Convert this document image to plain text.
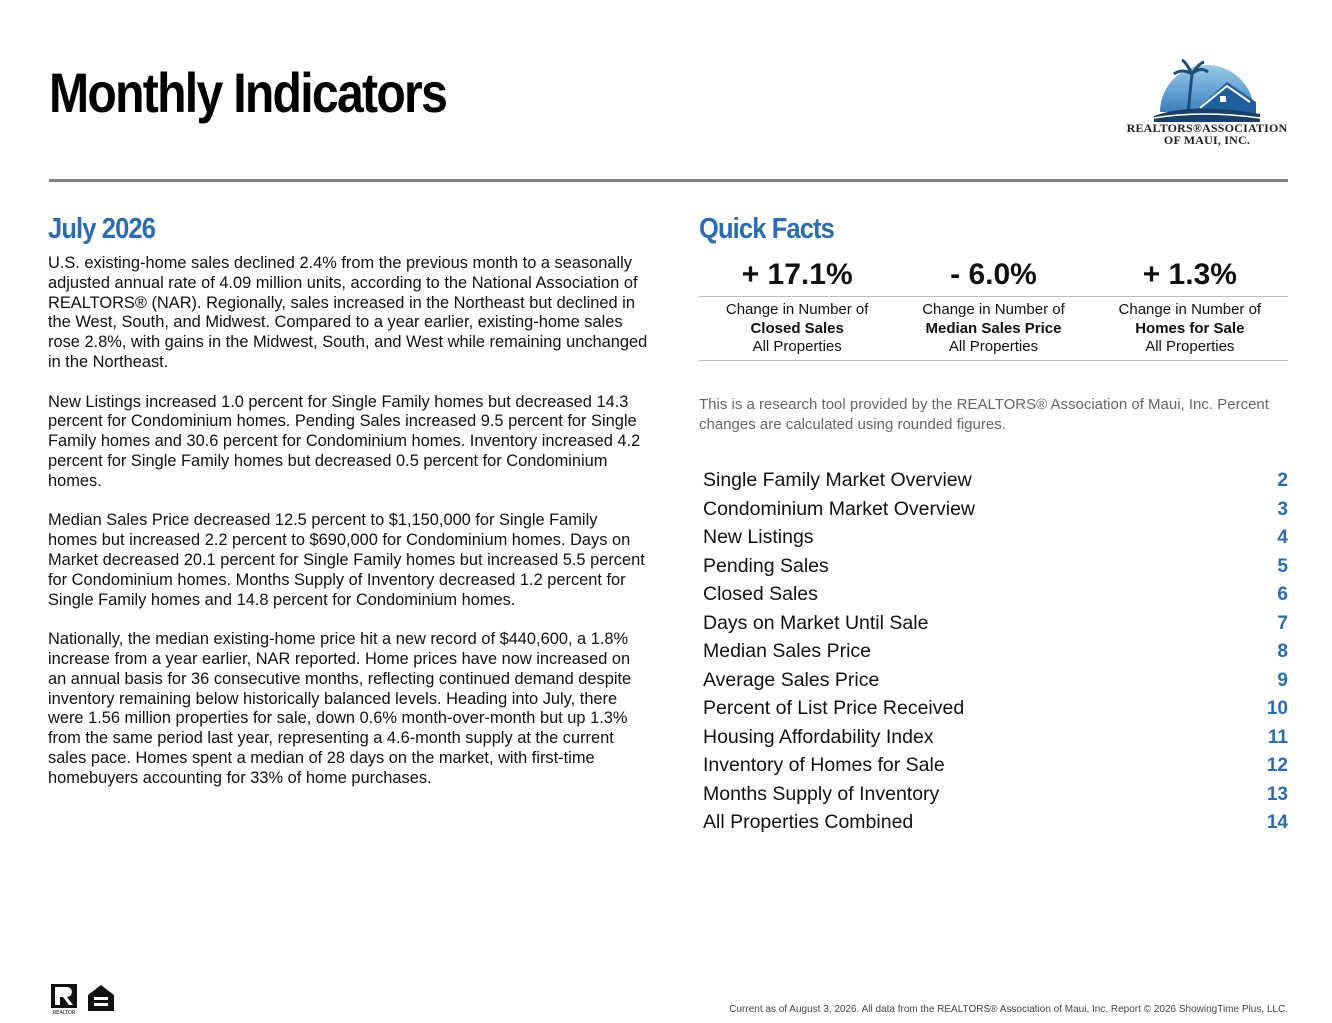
Monthly Indicators
REALTORS®ASSOCIATION
OF MAUI, INC.
July 2026

U.S. existing-home sales declined 2.4% from the previous month to a seasonally adjusted annual rate of 4.09 million units, according to the National Association of REALTORS® (NAR). Regionally, sales increased in the Northeast but declined in the West, South, and Midwest. Compared to a year earlier, existing-home sales rose 2.8%, with gains in the Midwest, South, and West while remaining unchanged in the Northeast.

New Listings increased 1.0 percent for Single Family homes but decreased 14.3 percent for Condominium homes. Pending Sales increased 9.5 percent for Single Family homes and 30.6 percent for Condominium homes. Inventory increased 4.2 percent for Single Family homes but decreased 0.5 percent for Condominium homes.

Median Sales Price decreased 12.5 percent to $1,150,000 for Single Family homes but increased 2.2 percent to $690,000 for Condominium homes. Days on Market decreased 20.1 percent for Single Family homes but increased 5.5 percent for Condominium homes. Months Supply of Inventory decreased 1.2 percent for Single Family homes and 14.8 percent for Condominium homes.

Nationally, the median existing-home price hit a new record of $440,600, a 1.8% increase from a year earlier, NAR reported. Home prices have now increased on an annual basis for 36 consecutive months, reflecting continued demand despite inventory remaining below historically balanced levels. Heading into July, there were 1.56 million properties for sale, down 0.6% month-over-month but up 1.3% from the same period last year, representing a 4.6-month supply at the current sales pace. Homes spent a median of 28 days on the market, with first-time homebuyers accounting for 33% of home purchases.

Quick Facts
+ 17.1%	- 6.0%	+ 1.3%
Change in Number of
Closed Sales
All Properties
Change in Number of
Median Sales Price
All Properties
Change in Number of
Homes for Sale
All Properties
This is a research tool provided by the REALTORS® Association of Maui, Inc. Percent changes are calculated using rounded figures.
Single Family Market Overview	2
Condominium Market Overview	3
New Listings	4
Pending Sales	5
Closed Sales	6
Days on Market Until Sale	7
Median Sales Price	8
Average Sales Price	9
Percent of List Price Received	10
Housing Affordability Index	11
Inventory of Homes for Sale	12
Months Supply of Inventory	13
All Properties Combined	14
REALTOR	Current as of August 3, 2026. All data from the REALTORS® Association of Maui, Inc. Report © 2026 ShowingTime Plus, LLC.
